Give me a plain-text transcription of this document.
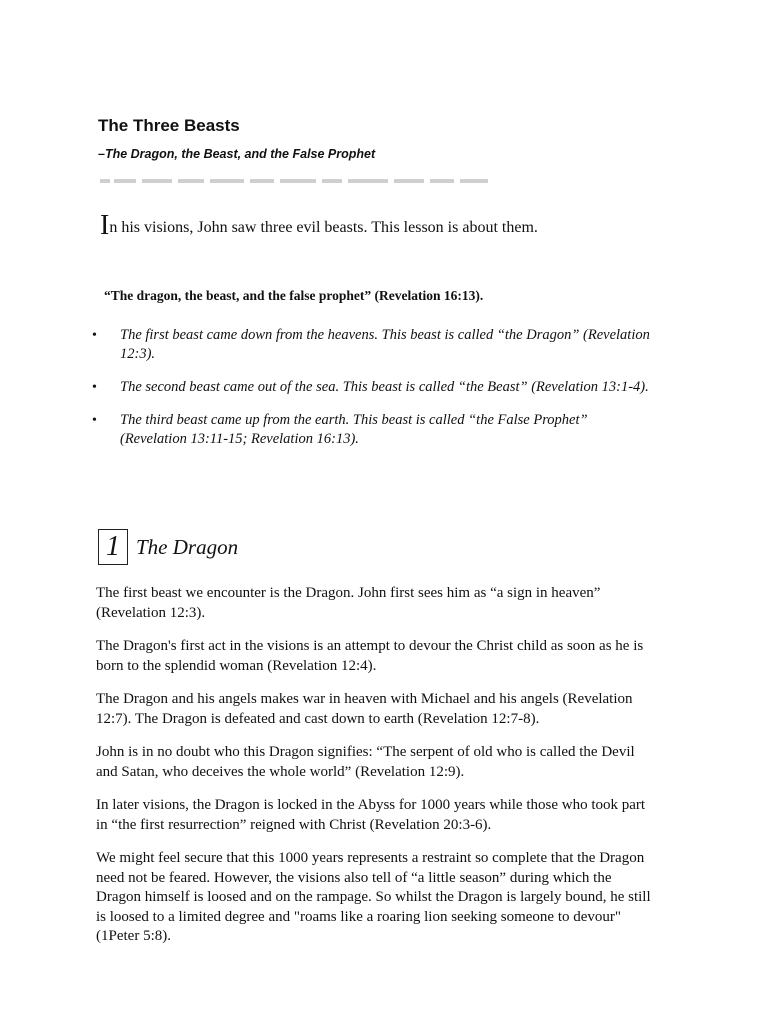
The Three Beasts
–The Dragon, the Beast, and the False Prophet

In his visions, John saw three evil beasts. This lesson is about them.

“The dragon, the beast, and the false prophet” (Revelation 16:13).

• The first beast came down from the heavens. This beast is called “the Dragon” (Revelation 12:3).
• The second beast came out of the sea. This beast is called “the Beast” (Revelation 13:1-4).
• The third beast came up from the earth. This beast is called “the False Prophet” (Revelation 13:11-15; Revelation 16:13).
1 The Dragon

The first beast we encounter is the Dragon. John first sees him as “a sign in heaven” (Revelation 12:3).

The Dragon's first act in the visions is an attempt to devour the Christ child as soon as he is born to the splendid woman (Revelation 12:4).

The Dragon and his angels makes war in heaven with Michael and his angels (Revelation 12:7). The Dragon is defeated and cast down to earth (Revelation 12:7-8).

John is in no doubt who this Dragon signifies: “The serpent of old who is called the Devil and Satan, who deceives the whole world” (Revelation 12:9).

In later visions, the Dragon is locked in the Abyss for 1000 years while those who took part in “the first resurrection” reigned with Christ (Revelation 20:3-6).

We might feel secure that this 1000 years represents a restraint so complete that the Dragon need not be feared. However, the visions also tell of “a little season” during which the Dragon himself is loosed and on the rampage. So whilst the Dragon is largely bound, he still is loosed to a limited degree and "roams like a roaring lion seeking someone to devour" (1Peter 5:8).
